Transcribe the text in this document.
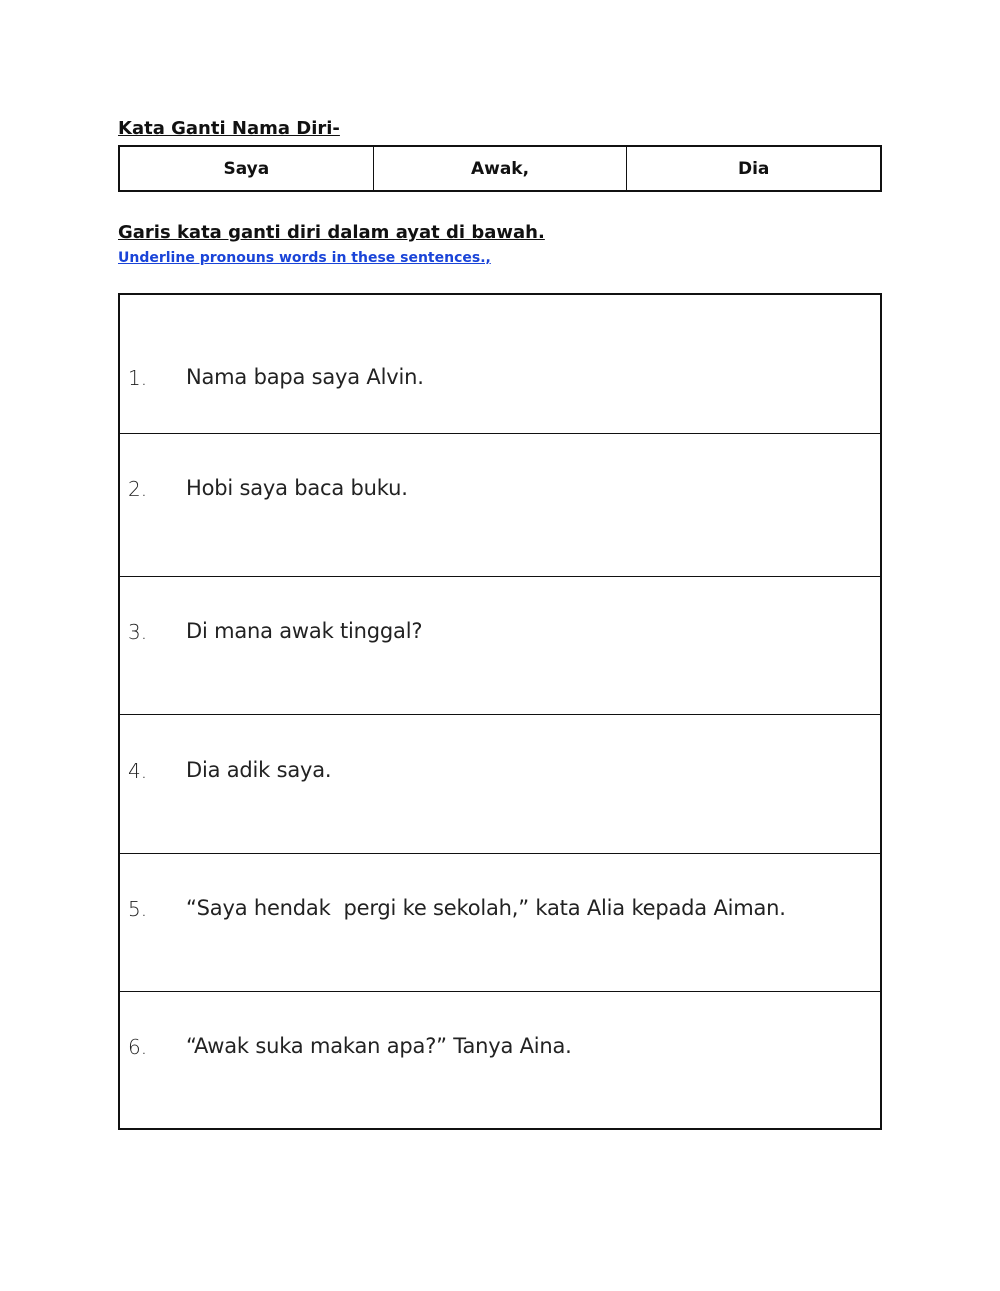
Kata Ganti Nama Diri-
Saya	Awak,	Dia
Garis kata ganti diri dalam ayat di bawah.
Underline pronouns words in these sentences.,
1. Nama bapa saya Alvin.
2. Hobi saya baca buku.
3. Di mana awak tinggal?
4. Dia adik saya.
5. “Saya hendak  pergi ke sekolah,” kata Alia kepada Aiman.
6. “Awak suka makan apa?” Tanya Aina.
